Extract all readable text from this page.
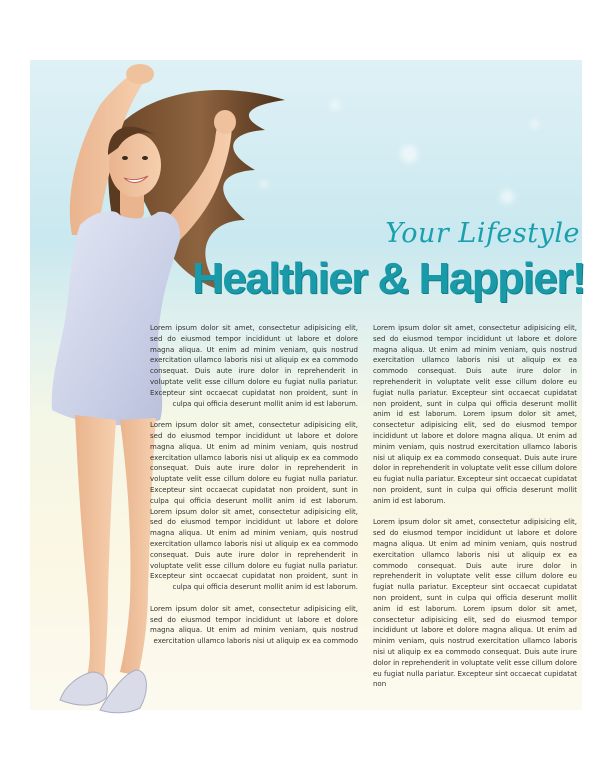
Your Lifestyle
Healthier & Happier!

Lorem ipsum dolor sit amet, consectetur adipisicing elit, sed do eiusmod tempor incididunt ut labore et dolore magna aliqua. Ut enim ad minim veniam, quis nostrud exercitation ullamco laboris nisi ut aliquip ex ea commodo consequat. Duis aute irure dolor in reprehenderit in voluptate velit esse cillum dolore eu fugiat nulla pariatur. Excepteur sint occaecat cupidatat non proident, sunt in culpa qui officia deserunt mollit anim id est laborum.

Lorem ipsum dolor sit amet, consectetur adipisicing elit, sed do eiusmod tempor incididunt ut labore et dolore magna aliqua. Ut enim ad minim veniam, quis nostrud exercitation ullamco laboris nisi ut aliquip ex ea commodo consequat. Duis aute irure dolor in reprehenderit in voluptate velit esse cillum dolore eu fugiat nulla pariatur. Excepteur sint occaecat cupidatat non proident, sunt in culpa qui officia deserunt mollit anim id est laborum. Lorem ipsum dolor sit amet, consectetur adipisicing elit, sed do eiusmod tempor incididunt ut labore et dolore magna aliqua. Ut enim ad minim veniam, quis nostrud exercitation ullamco laboris nisi ut aliquip ex ea commodo consequat. Duis aute irure dolor in reprehenderit in voluptate velit esse cillum dolore eu fugiat nulla pariatur. Excepteur sint occaecat cupidatat non proident, sunt in culpa qui officia deserunt mollit anim id est laborum.

Lorem ipsum dolor sit amet, consectetur adipisicing elit, sed do eiusmod tempor incididunt ut labore et dolore magna aliqua. Ut enim ad minim veniam, quis nostrud exercitation ullamco laboris nisi ut aliquip ex ea commodo

Lorem ipsum dolor sit amet, consectetur adipisicing elit, sed do eiusmod tempor incididunt ut labore et dolore magna aliqua. Ut enim ad minim veniam, quis nostrud exercitation ullamco laboris nisi ut aliquip ex ea commodo consequat. Duis aute irure dolor in reprehenderit in voluptate velit esse cillum dolore eu fugiat nulla pariatur. Excepteur sint occaecat cupidatat non proident, sunt in culpa qui officia deserunt mollit anim id est laborum. Lorem ipsum dolor sit amet, consectetur adipisicing elit, sed do eiusmod tempor incididunt ut labore et dolore magna aliqua. Ut enim ad minim veniam, quis nostrud exercitation ullamco laboris nisi ut aliquip ex ea commodo consequat. Duis aute irure dolor in reprehenderit in voluptate velit esse cillum dolore eu fugiat nulla pariatur. Excepteur sint occaecat cupidatat non proident, sunt in culpa qui officia deserunt mollit anim id est laborum.

Lorem ipsum dolor sit amet, consectetur adipisicing elit, sed do eiusmod tempor incididunt ut labore et dolore magna aliqua. Ut enim ad minim veniam, quis nostrud exercitation ullamco laboris nisi ut aliquip ex ea commodo consequat. Duis aute irure dolor in reprehenderit in voluptate velit esse cillum dolore eu fugiat nulla pariatur. Excepteur sint occaecat cupidatat non proident, sunt in culpa qui officia deserunt mollit anim id est laborum. Lorem ipsum dolor sit amet, consectetur adipisicing elit, sed do eiusmod tempor incididunt ut labore et dolore magna aliqua. Ut enim ad minim veniam, quis nostrud exercitation ullamco laboris nisi ut aliquip ex ea commodo consequat. Duis aute irure dolor in reprehenderit in voluptate velit esse cillum dolore eu fugiat nulla pariatur. Excepteur sint occaecat cupidatat non
